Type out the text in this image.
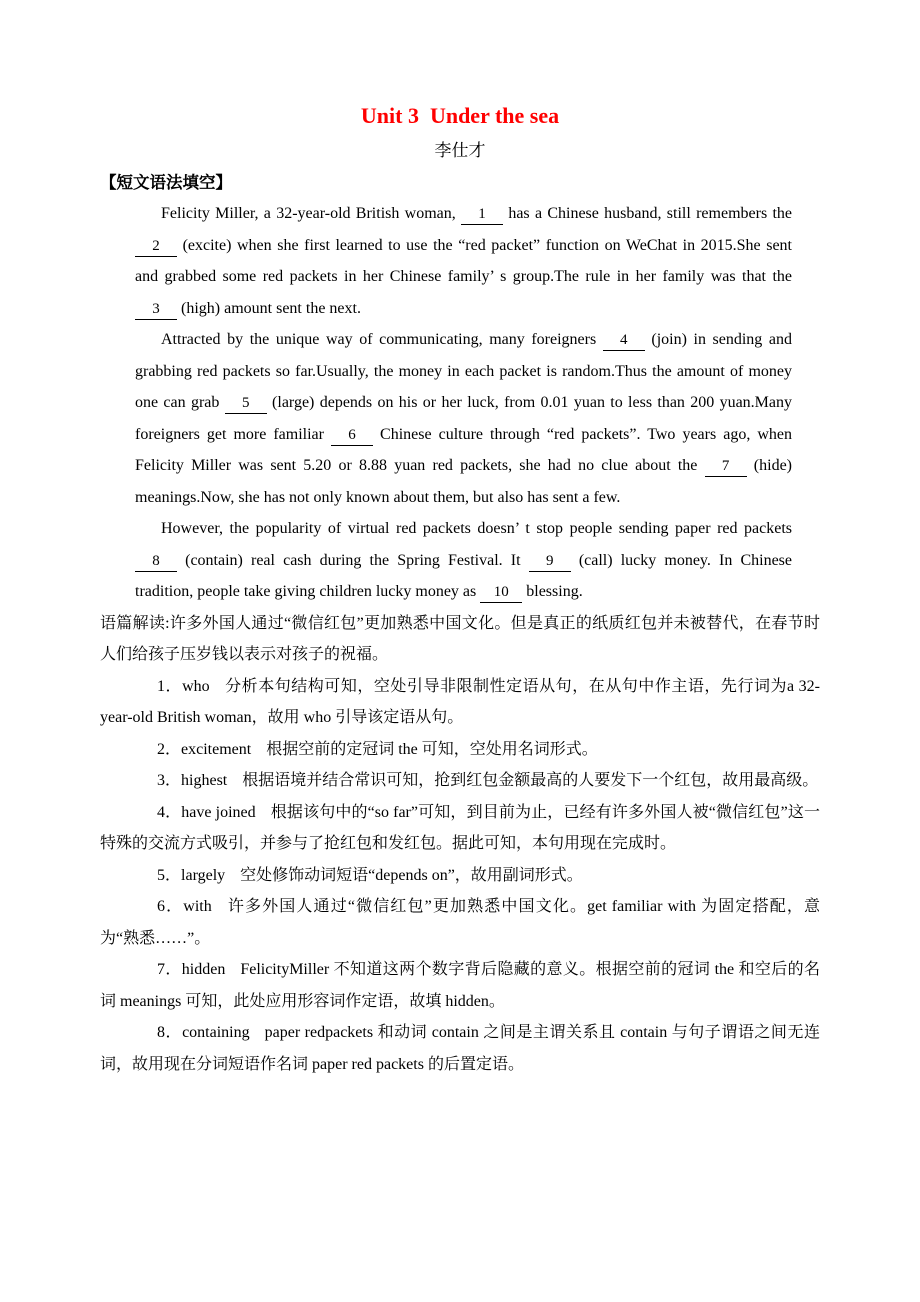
Unit 3  Under the sea
李仕才
【短文语法填空】

Felicity Miller, a 32-year-old British woman, 1 has a Chinese husband, still remembers the 2 (excite) when she first learned to use the “red packet” function on WeChat in 2015.She sent and grabbed some red packets in her Chinese family’ s group.The rule in her family was that the 3 (high) amount sent the next.

Attracted by the unique way of communicating, many foreigners 4 (join) in sending and grabbing red packets so far.Usually, the money in each packet is random.Thus the amount of money one can grab 5 (large) depends on his or her luck, from 0.01 yuan to less than 200 yuan.Many foreigners get more familiar 6 Chinese culture through “red packets”. Two years ago, when Felicity Miller was sent 5.20 or 8.88 yuan red packets, she had no clue about the 7 (hide) meanings.Now, she has not only known about them, but also has sent a few.

However, the popularity of virtual red packets doesn’ t stop people sending paper red packets 8 (contain) real cash during the Spring Festival. It 9 (call) lucky money. In Chinese tradition, people take giving children lucky money as 10 blessing.

语篇解读:许多外国人通过“微信红包”更加熟悉中国文化。但是真正的纸质红包并未被替代，在春节时人们给孩子压岁钱以表示对孩子的祝福。

1．who 分析本句结构可知，空处引导非限制性定语从句，在从句中作主语，先行词为a 32-year-old British woman，故用 who 引导该定语从句。

2．excitement 根据空前的定冠词 the 可知，空处用名词形式。

3．highest 根据语境并结合常识可知，抢到红包金额最高的人要发下一个红包，故用最高级。

4．have joined 根据该句中的“so far”可知，到目前为止，已经有许多外国人被“微信红包”这一特殊的交流方式吸引，并参与了抢红包和发红包。据此可知，本句用现在完成时。

5．largely 空处修饰动词短语“depends on”，故用副词形式。

6．with 许多外国人通过“微信红包”更加熟悉中国文化。get familiar with 为固定搭配，意为“熟悉……”。

7．hidden FelicityMiller 不知道这两个数字背后隐藏的意义。根据空前的冠词 the 和空后的名词 meanings 可知，此处应用形容词作定语，故填 hidden。

8．containing paper redpackets 和动词 contain 之间是主谓关系且 contain 与句子谓语之间无连词，故用现在分词短语作名词 paper red packets 的后置定语。
